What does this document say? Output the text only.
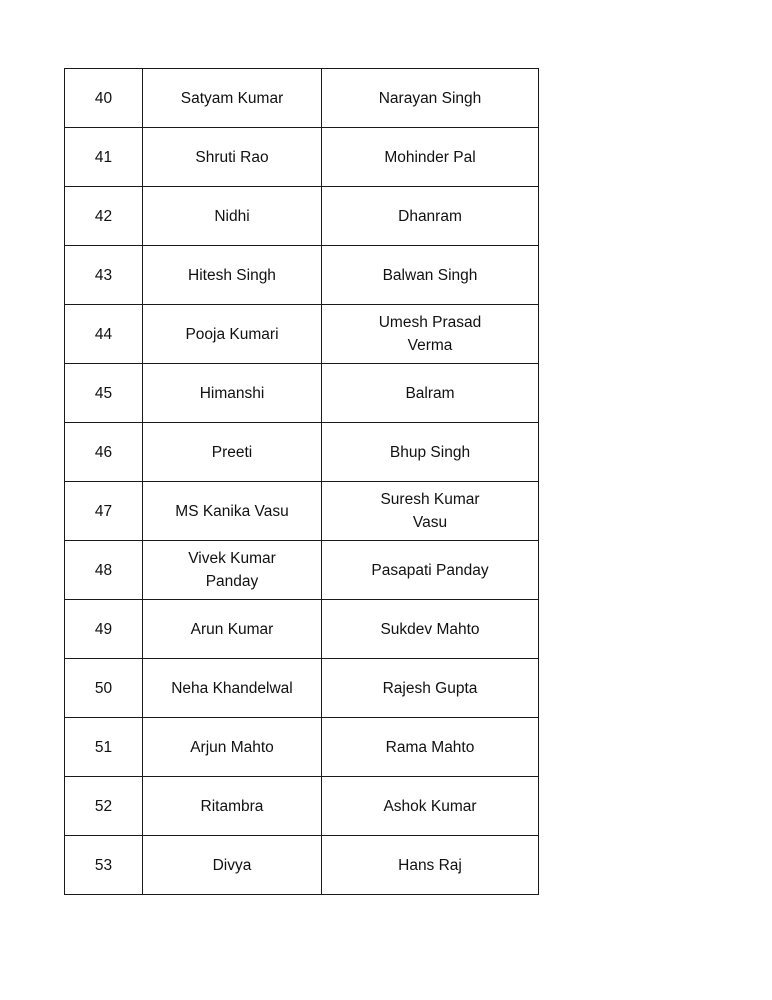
40	Satyam Kumar	Narayan Singh
41	Shruti Rao	Mohinder Pal
42	Nidhi	Dhanram
43	Hitesh Singh	Balwan Singh
44	Pooja Kumari	Umesh Prasad Verma
45	Himanshi	Balram
46	Preeti	Bhup Singh
47	MS Kanika Vasu	Suresh Kumar Vasu
48	Vivek Kumar Panday	Pasapati Panday
49	Arun Kumar	Sukdev Mahto
50	Neha Khandelwal	Rajesh Gupta
51	Arjun Mahto	Rama Mahto
52	Ritambra	Ashok Kumar
53	Divya	Hans Raj
